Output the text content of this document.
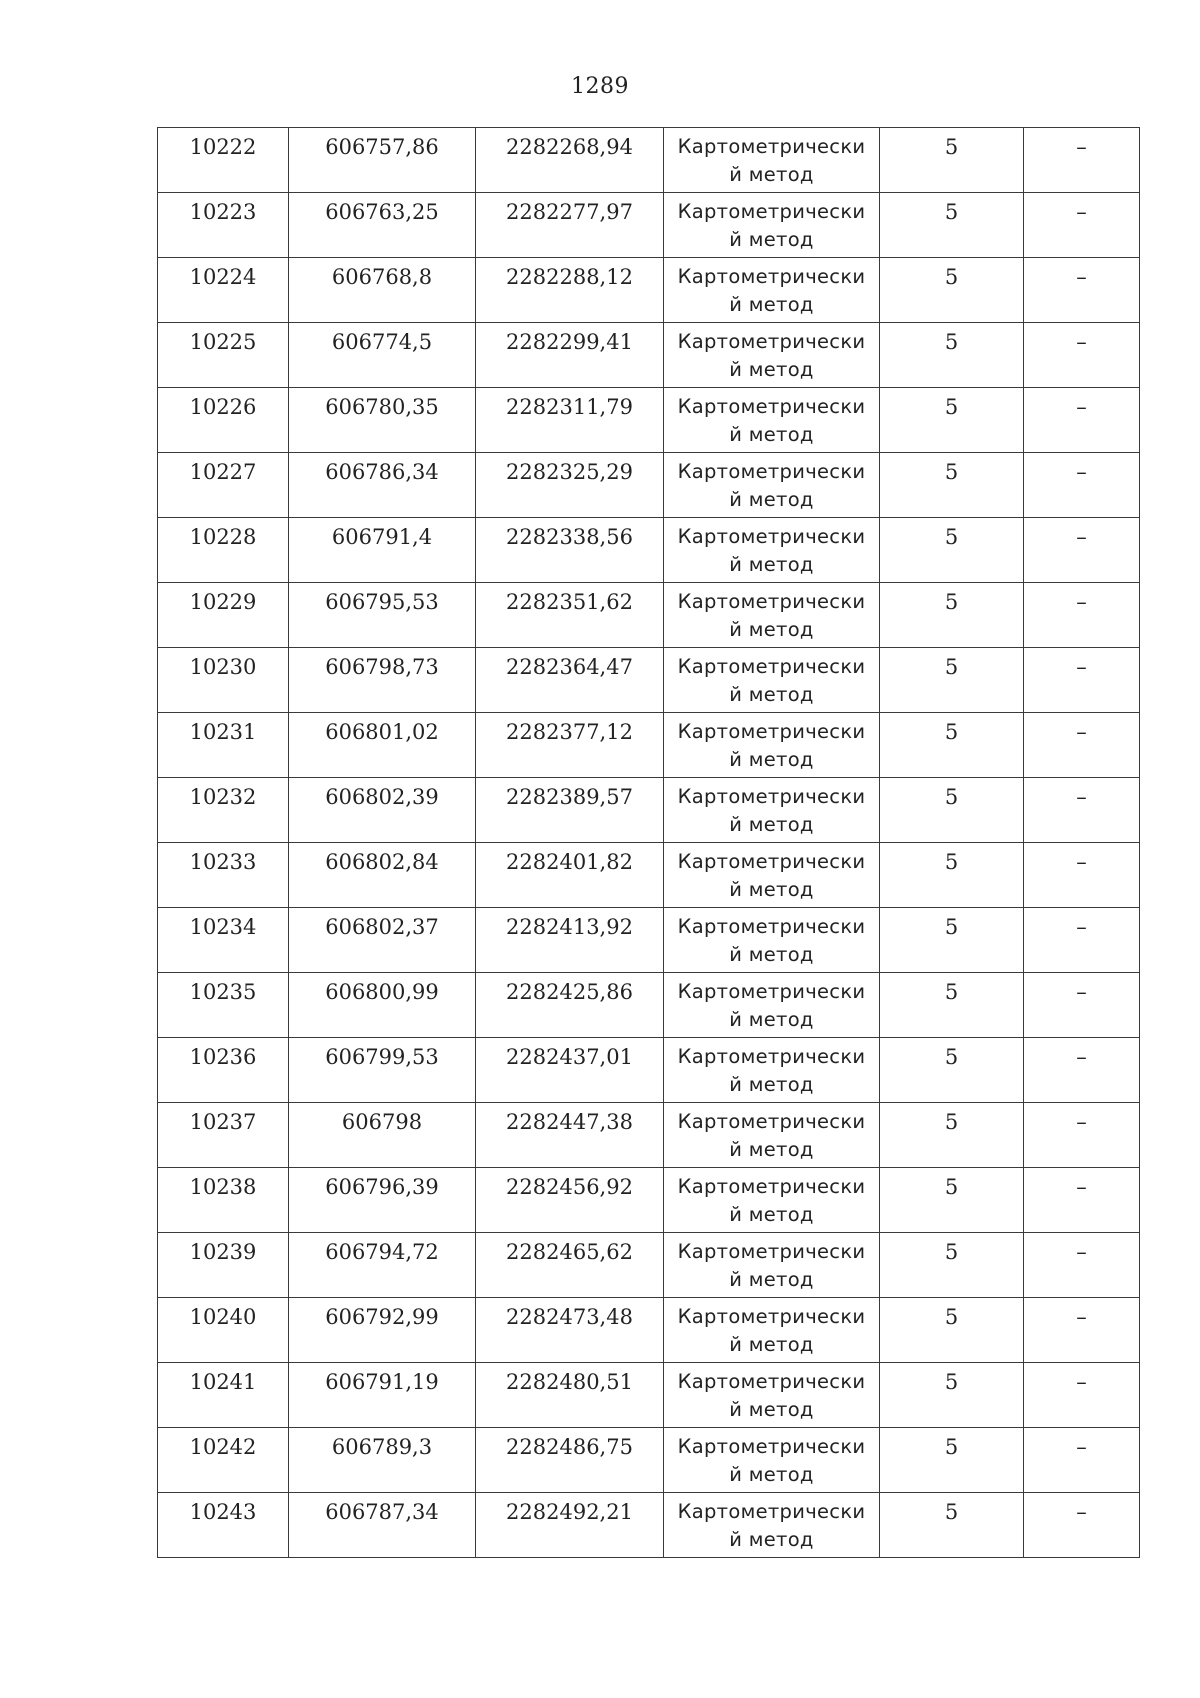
1289
10222	606757,86	2282268,94	Картометрически
й метод	5	–
10223	606763,25	2282277,97	Картометрически
й метод	5	–
10224	606768,8	2282288,12	Картометрически
й метод	5	–
10225	606774,5	2282299,41	Картометрически
й метод	5	–
10226	606780,35	2282311,79	Картометрически
й метод	5	–
10227	606786,34	2282325,29	Картометрически
й метод	5	–
10228	606791,4	2282338,56	Картометрически
й метод	5	–
10229	606795,53	2282351,62	Картометрически
й метод	5	–
10230	606798,73	2282364,47	Картометрически
й метод	5	–
10231	606801,02	2282377,12	Картометрически
й метод	5	–
10232	606802,39	2282389,57	Картометрически
й метод	5	–
10233	606802,84	2282401,82	Картометрически
й метод	5	–
10234	606802,37	2282413,92	Картометрически
й метод	5	–
10235	606800,99	2282425,86	Картометрически
й метод	5	–
10236	606799,53	2282437,01	Картометрически
й метод	5	–
10237	606798	2282447,38	Картометрически
й метод	5	–
10238	606796,39	2282456,92	Картометрически
й метод	5	–
10239	606794,72	2282465,62	Картометрически
й метод	5	–
10240	606792,99	2282473,48	Картометрически
й метод	5	–
10241	606791,19	2282480,51	Картометрически
й метод	5	–
10242	606789,3	2282486,75	Картометрически
й метод	5	–
10243	606787,34	2282492,21	Картометрически
й метод	5	–
